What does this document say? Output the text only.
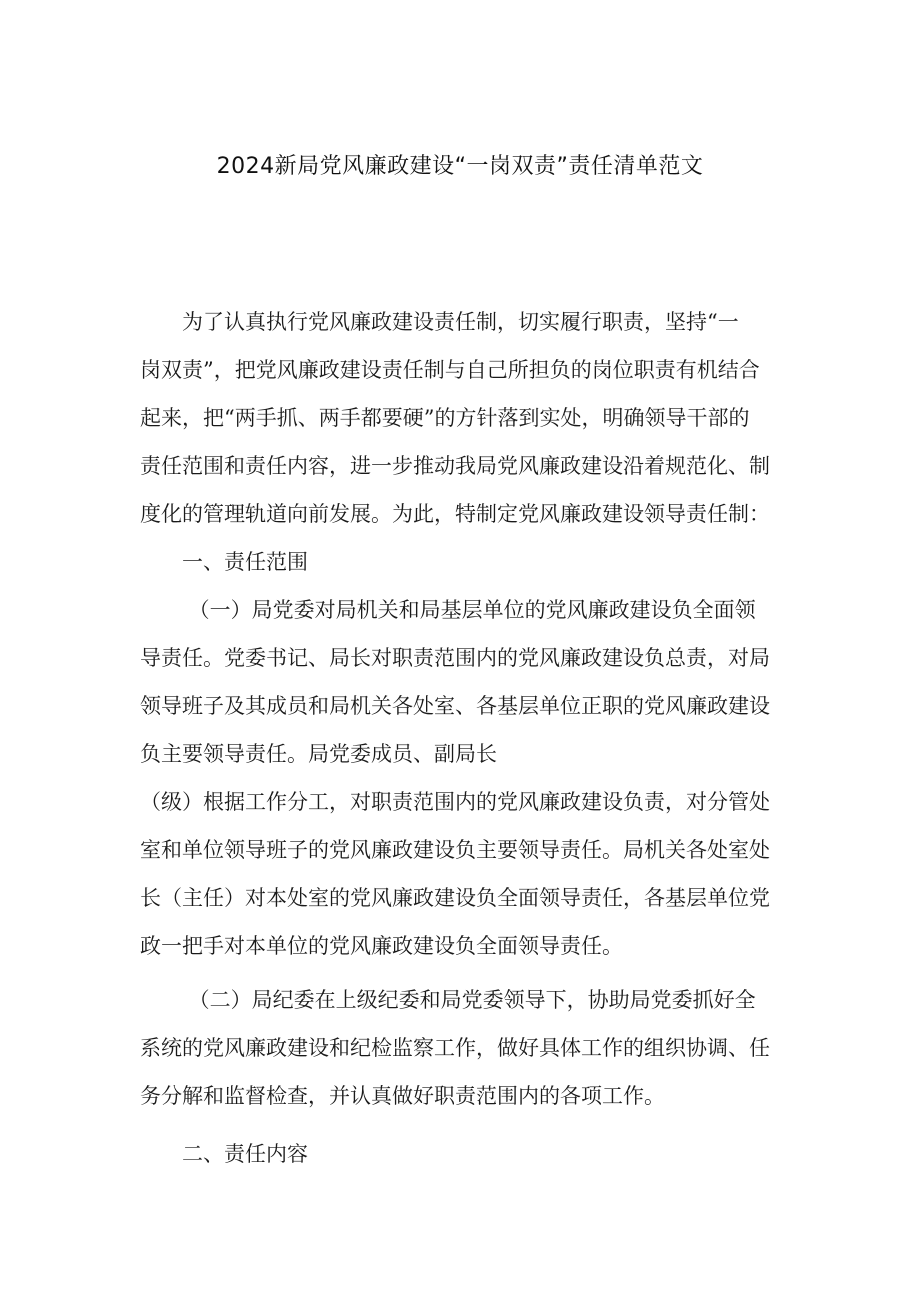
2024新局党风廉政建设“一岗双责”责任清单范文
　　为了认真执行党风廉政建设责任制，切实履行职责，坚持“一
岗双责”，把党风廉政建设责任制与自己所担负的岗位职责有机结合
起来，把“两手抓、两手都要硬”的方针落到实处，明确领导干部的
责任范围和责任内容，进一步推动我局党风廉政建设沿着规范化、制
度化的管理轨道向前发展。为此，特制定党风廉政建设领导责任制：
　　一、责任范围
　　 （一）局党委对局机关和局基层单位的党风廉政建设负全面领
导责任。党委书记、局长对职责范围内的党风廉政建设负总责，对局
领导班子及其成员和局机关各处室、各基层单位正职的党风廉政建设
负主要领导责任。局党委成员、副局长
（级）根据工作分工，对职责范围内的党风廉政建设负责，对分管处
室和单位领导班子的党风廉政建设负主要领导责任。局机关各处室处
长（主任）对本处室的党风廉政建设负全面领导责任，各基层单位党
政一把手对本单位的党风廉政建设负全面领导责任。
　　 （二）局纪委在上级纪委和局党委领导下，协助局党委抓好全
系统的党风廉政建设和纪检监察工作，做好具体工作的组织协调、任
务分解和监督检查，并认真做好职责范围内的各项工作。
　　二、责任内容
